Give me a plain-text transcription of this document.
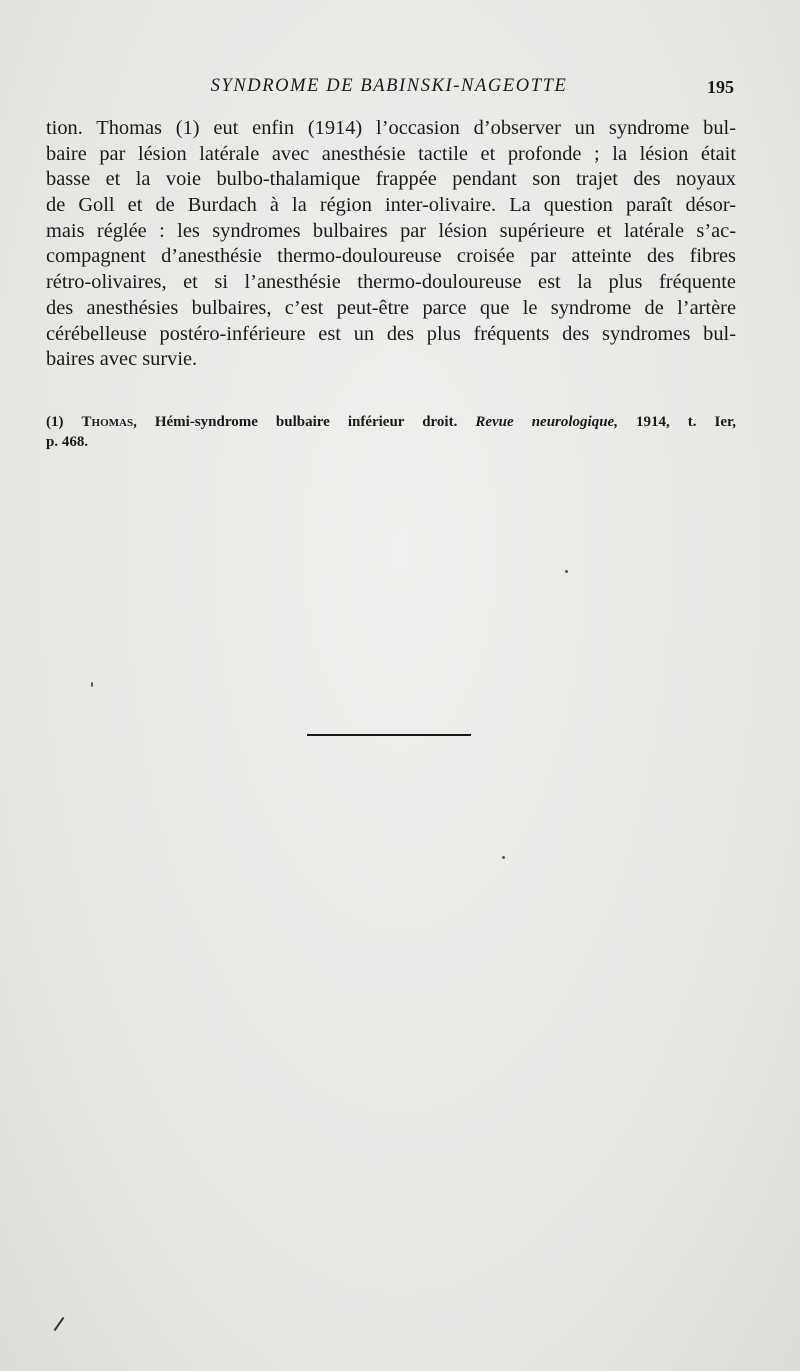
SYNDROME DE BABINSKI-NAGEOTTE	195
tion. Thomas (1) eut enfin (1914) l’occasion d’observer un syndrome bul-
baire par lésion latérale avec anesthésie tactile et profonde ; la lésion était
basse et la voie bulbo-thalamique frappée pendant son trajet des noyaux
de Goll et de Burdach à la région inter-olivaire. La question paraît désor-
mais réglée : les syndromes bulbaires par lésion supérieure et latérale s’ac-
compagnent d’anesthésie thermo-douloureuse croisée par atteinte des fibres
rétro-olivaires, et si l’anesthésie thermo-douloureuse est la plus fréquente
des anesthésies bulbaires, c’est peut-être parce que le syndrome de l’artère
cérébelleuse postéro-inférieure est un des plus fréquents des syndromes bul-
baires avec survie.
(1) Thomas, Hémi-syndrome bulbaire inférieur droit. Revue neurologique, 1914, t. Ier,
p. 468.
